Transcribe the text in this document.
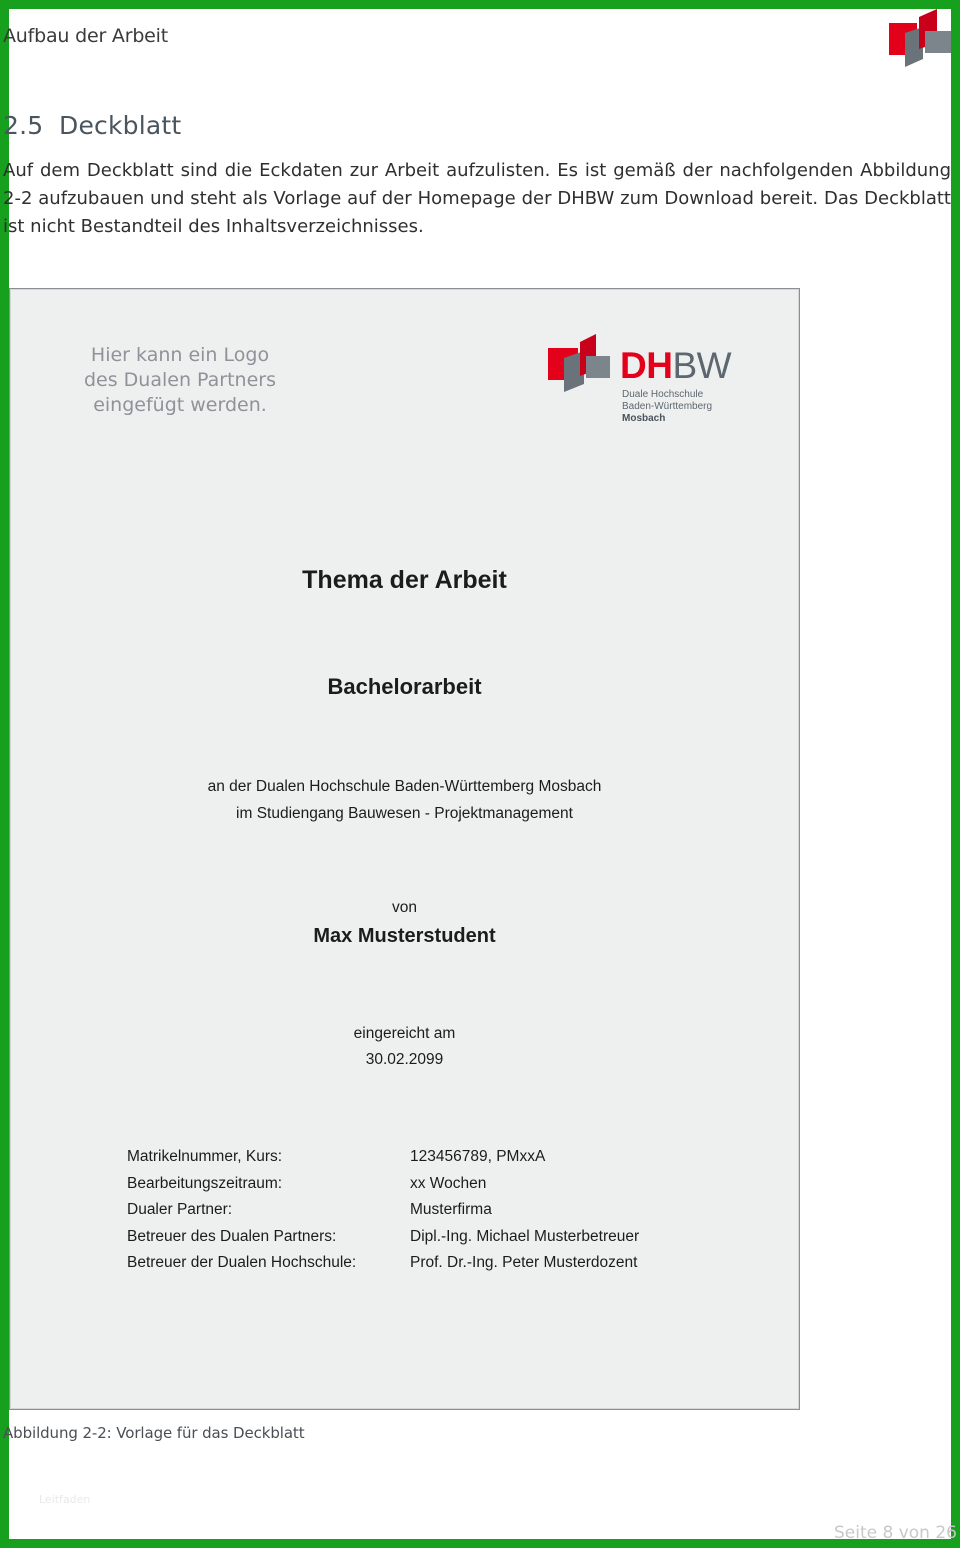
Aufbau der Arbeit
2.5 Deckblatt
Auf dem Deckblatt sind die Eckdaten zur Arbeit aufzulisten. Es ist gemäß der nachfolgenden Abbildung 2-2 aufzubauen und steht als Vorlage auf der Homepage der DHBW zum Download bereit. Das Deckblatt ist nicht Bestandteil des Inhaltsverzeichnisses.
Hier kann ein Logo
des Dualen Partners
eingefügt werden.
DHBW
Duale Hochschule
Baden-Württemberg
Mosbach
Thema der Arbeit
Bachelorarbeit
an der Dualen Hochschule Baden-Württemberg Mosbach
im Studiengang Bauwesen - Projektmanagement
von
Max Musterstudent
eingereicht am
30.02.2099
Matrikelnummer, Kurs:	123456789, PMxxA
Bearbeitungszeitraum:	xx Wochen
Dualer Partner:	Musterfirma
Betreuer des Dualen Partners:	Dipl.-Ing. Michael Musterbetreuer
Betreuer der Dualen Hochschule:	Prof. Dr.-Ing. Peter Musterdozent
Abbildung 2-2: Vorlage für das Deckblatt
Leitfaden
Seite 8 von 26
